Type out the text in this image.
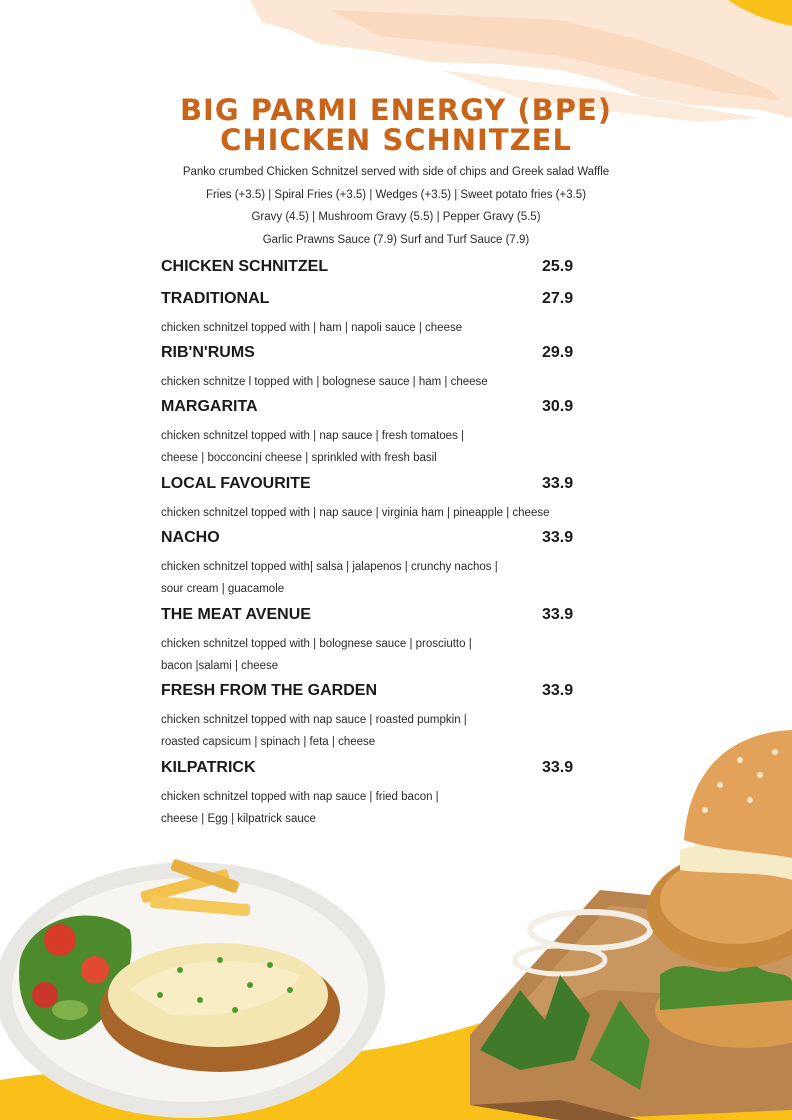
BIG PARMI ENERGY (BPE)
CHICKEN SCHNITZEL
Panko crumbed Chicken Schnitzel served with side of chips and Greek salad Waffle
Fries (+3.5) | Spiral Fries (+3.5) | Wedges (+3.5) | Sweet potato fries (+3.5)
Gravy (4.5) | Mushroom Gravy (5.5) | Pepper Gravy (5.5)
Garlic Prawns Sauce (7.9) Surf and Turf Sauce (7.9)
CHICKEN SCHNITZEL	25.9
TRADITIONAL	27.9
chicken schnitzel topped with | ham | napoli sauce | cheese
RIB'N'RUMS	29.9
chicken schnitze l topped with | bolognese sauce | ham | cheese
MARGARITA	30.9
chicken schnitzel topped with | nap sauce | fresh tomatoes |
cheese | bocconcini cheese | sprinkled with fresh basil
LOCAL FAVOURITE	33.9
chicken schnitzel topped with | nap sauce | virginia ham | pineapple | cheese
NACHO	33.9
chicken schnitzel topped with| salsa | jalapenos | crunchy nachos |
sour cream | guacamole
THE MEAT AVENUE	33.9
chicken schnitzel topped with | bolognese sauce | prosciutto |
bacon |salami | cheese
FRESH FROM THE GARDEN	33.9
chicken schnitzel topped with nap sauce | roasted pumpkin |
roasted capsicum | spinach | feta | cheese
KILPATRICK	33.9
chicken schnitzel topped with nap sauce | fried bacon |
cheese | Egg | kilpatrick sauce
